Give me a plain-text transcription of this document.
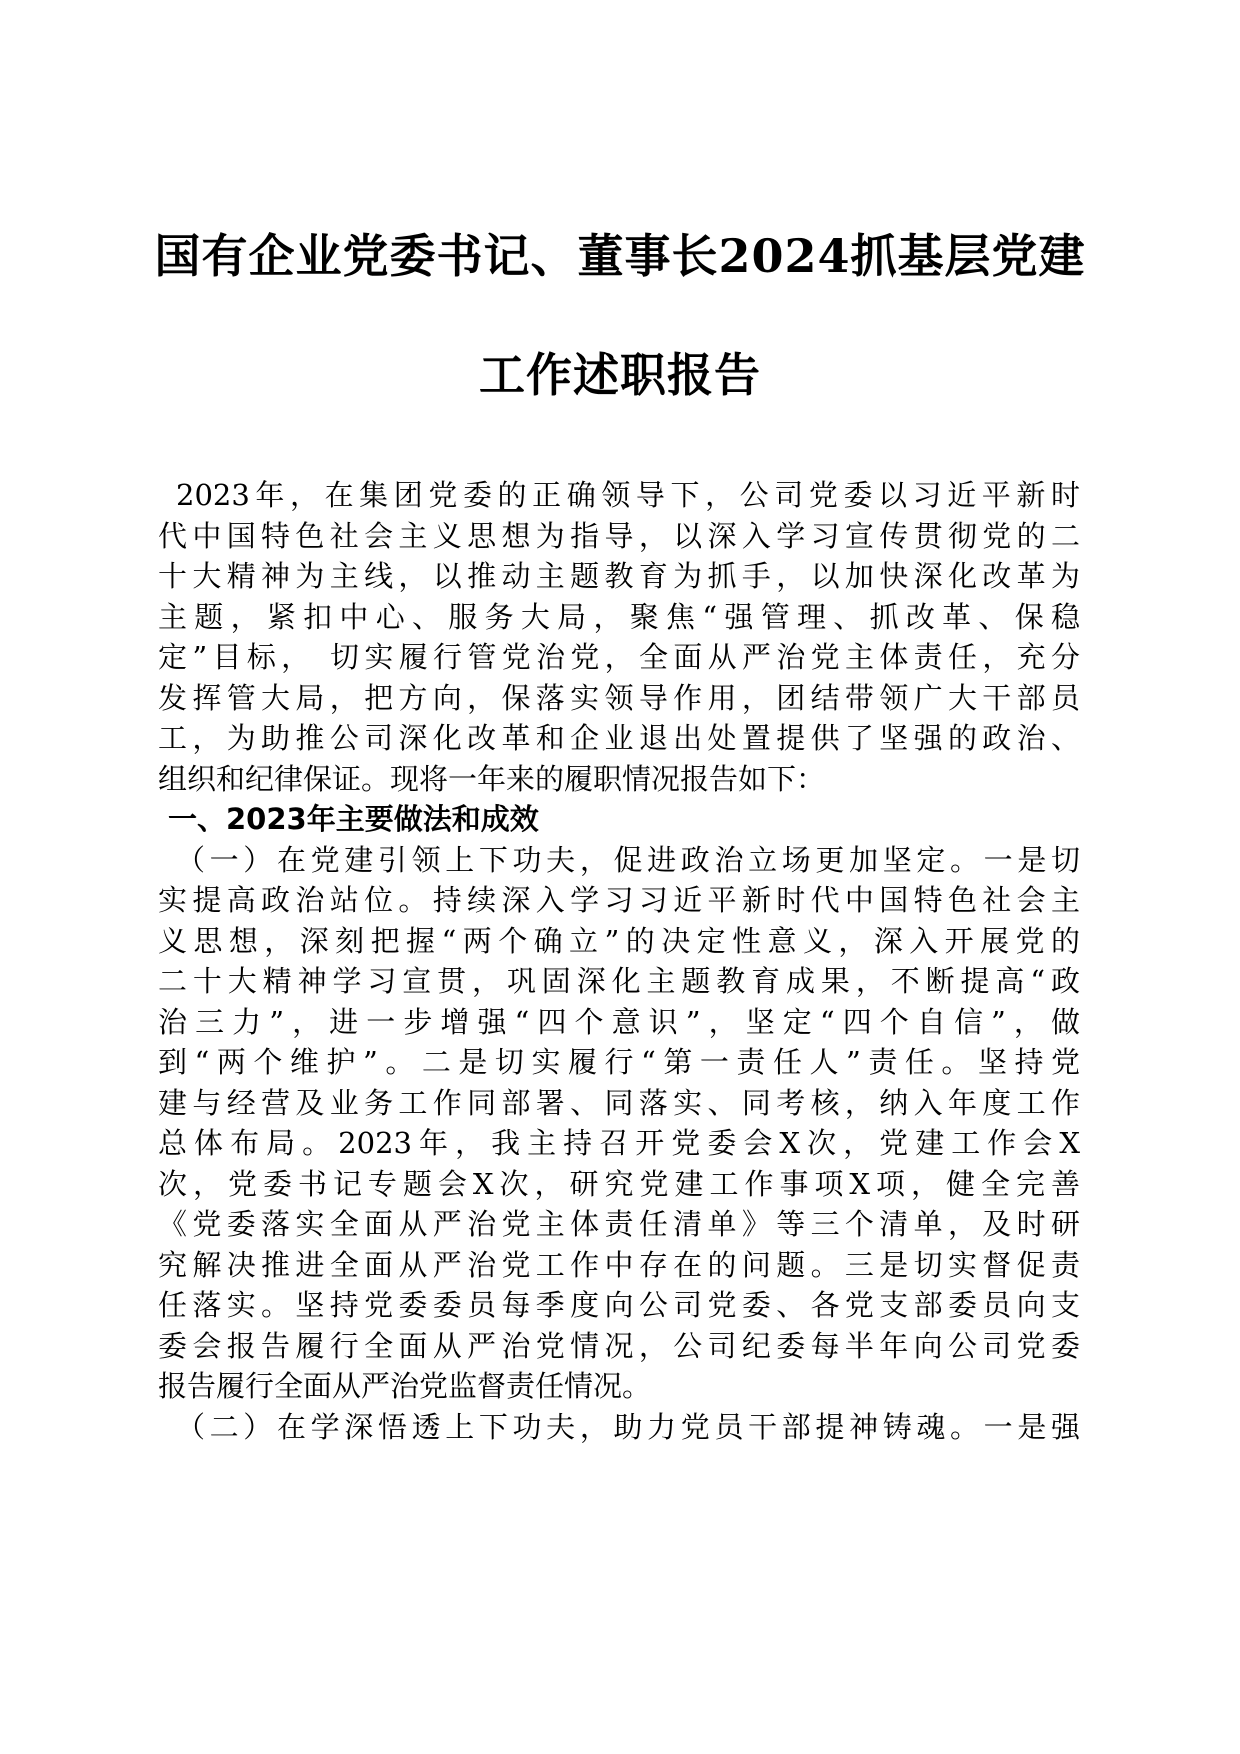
国有企业党委书记、董事长2024抓基层党建
工作述职报告
2023年，在集团党委的正确领导下，公司党委以习近平新时
代中国特色社会主义思想为指导，以深入学习宣传贯彻党的二
十大精神为主线，以推动主题教育为抓手，以加快深化改革为
主题，紧扣中心、服务大局，聚焦“强管理、抓改革、保稳
定”目标， 切实履行管党治党，全面从严治党主体责任，充分
发挥管大局，把方向，保落实领导作用，团结带领广大干部员
工，为助推公司深化改革和企业退出处置提供了坚强的政治、
组织和纪律保证。现将一年来的履职情况报告如下：
一、2023年主要做法和成效
（一）在党建引领上下功夫，促进政治立场更加坚定。一是切
实提高政治站位。持续深入学习习近平新时代中国特色社会主
义思想，深刻把握“两个确立”的决定性意义，深入开展党的
二十大精神学习宣贯，巩固深化主题教育成果，不断提高“政
治三力”，进一步增强“四个意识”，坚定“四个自信”，做
到“两个维护”。二是切实履行“第一责任人”责任。坚持党
建与经营及业务工作同部署、同落实、同考核，纳入年度工作
总体布局。2023年，我主持召开党委会X次，党建工作会X
次，党委书记专题会X次，研究党建工作事项X项，健全完善
《党委落实全面从严治党主体责任清单》等三个清单，及时研
究解决推进全面从严治党工作中存在的问题。三是切实督促责
任落实。坚持党委委员每季度向公司党委、各党支部委员向支
委会报告履行全面从严治党情况，公司纪委每半年向公司党委
报告履行全面从严治党监督责任情况。
（二）在学深悟透上下功夫，助力党员干部提神铸魂。一是强
